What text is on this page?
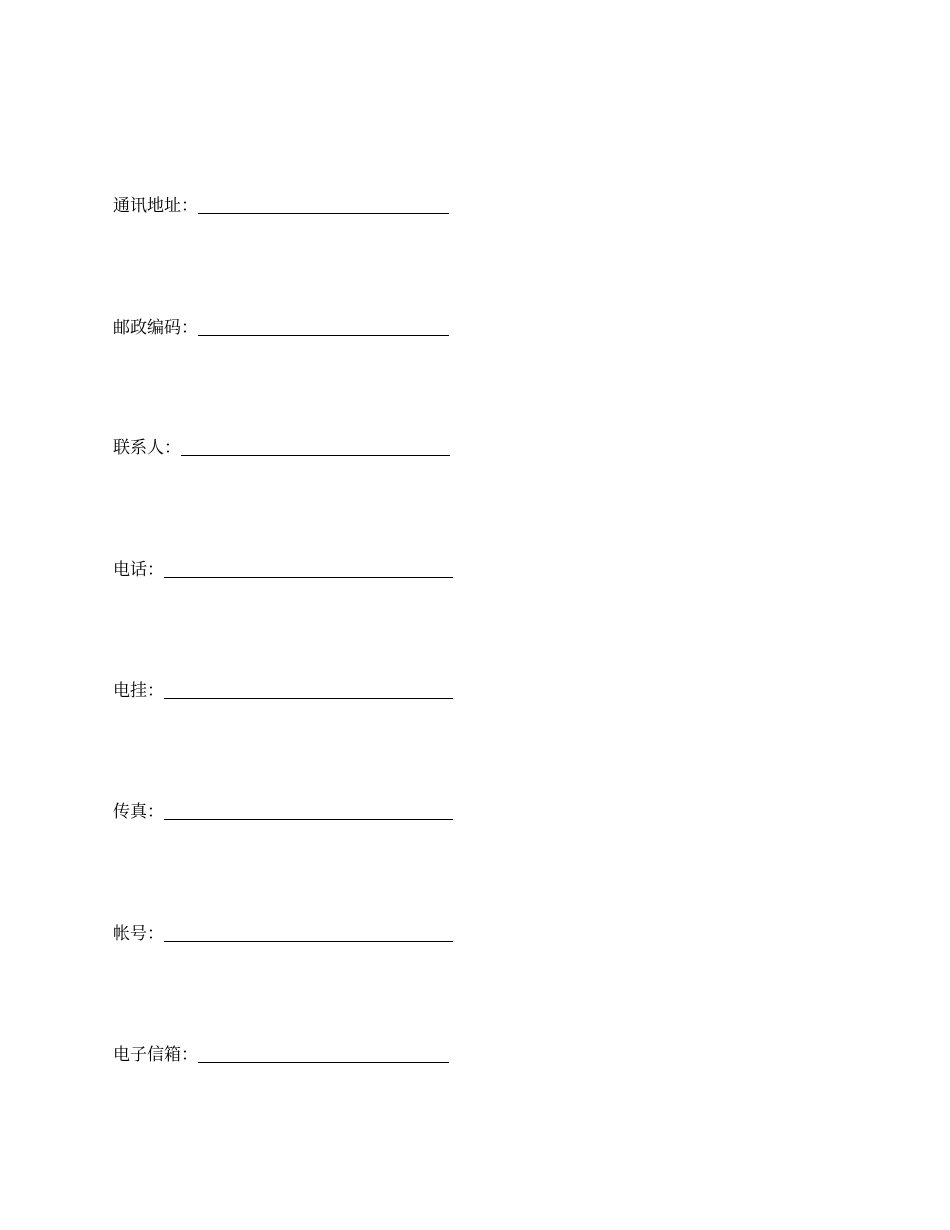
通讯地址：
邮政编码：
联系人：
电话：
电挂：
传真：
帐号：
电子信箱：
